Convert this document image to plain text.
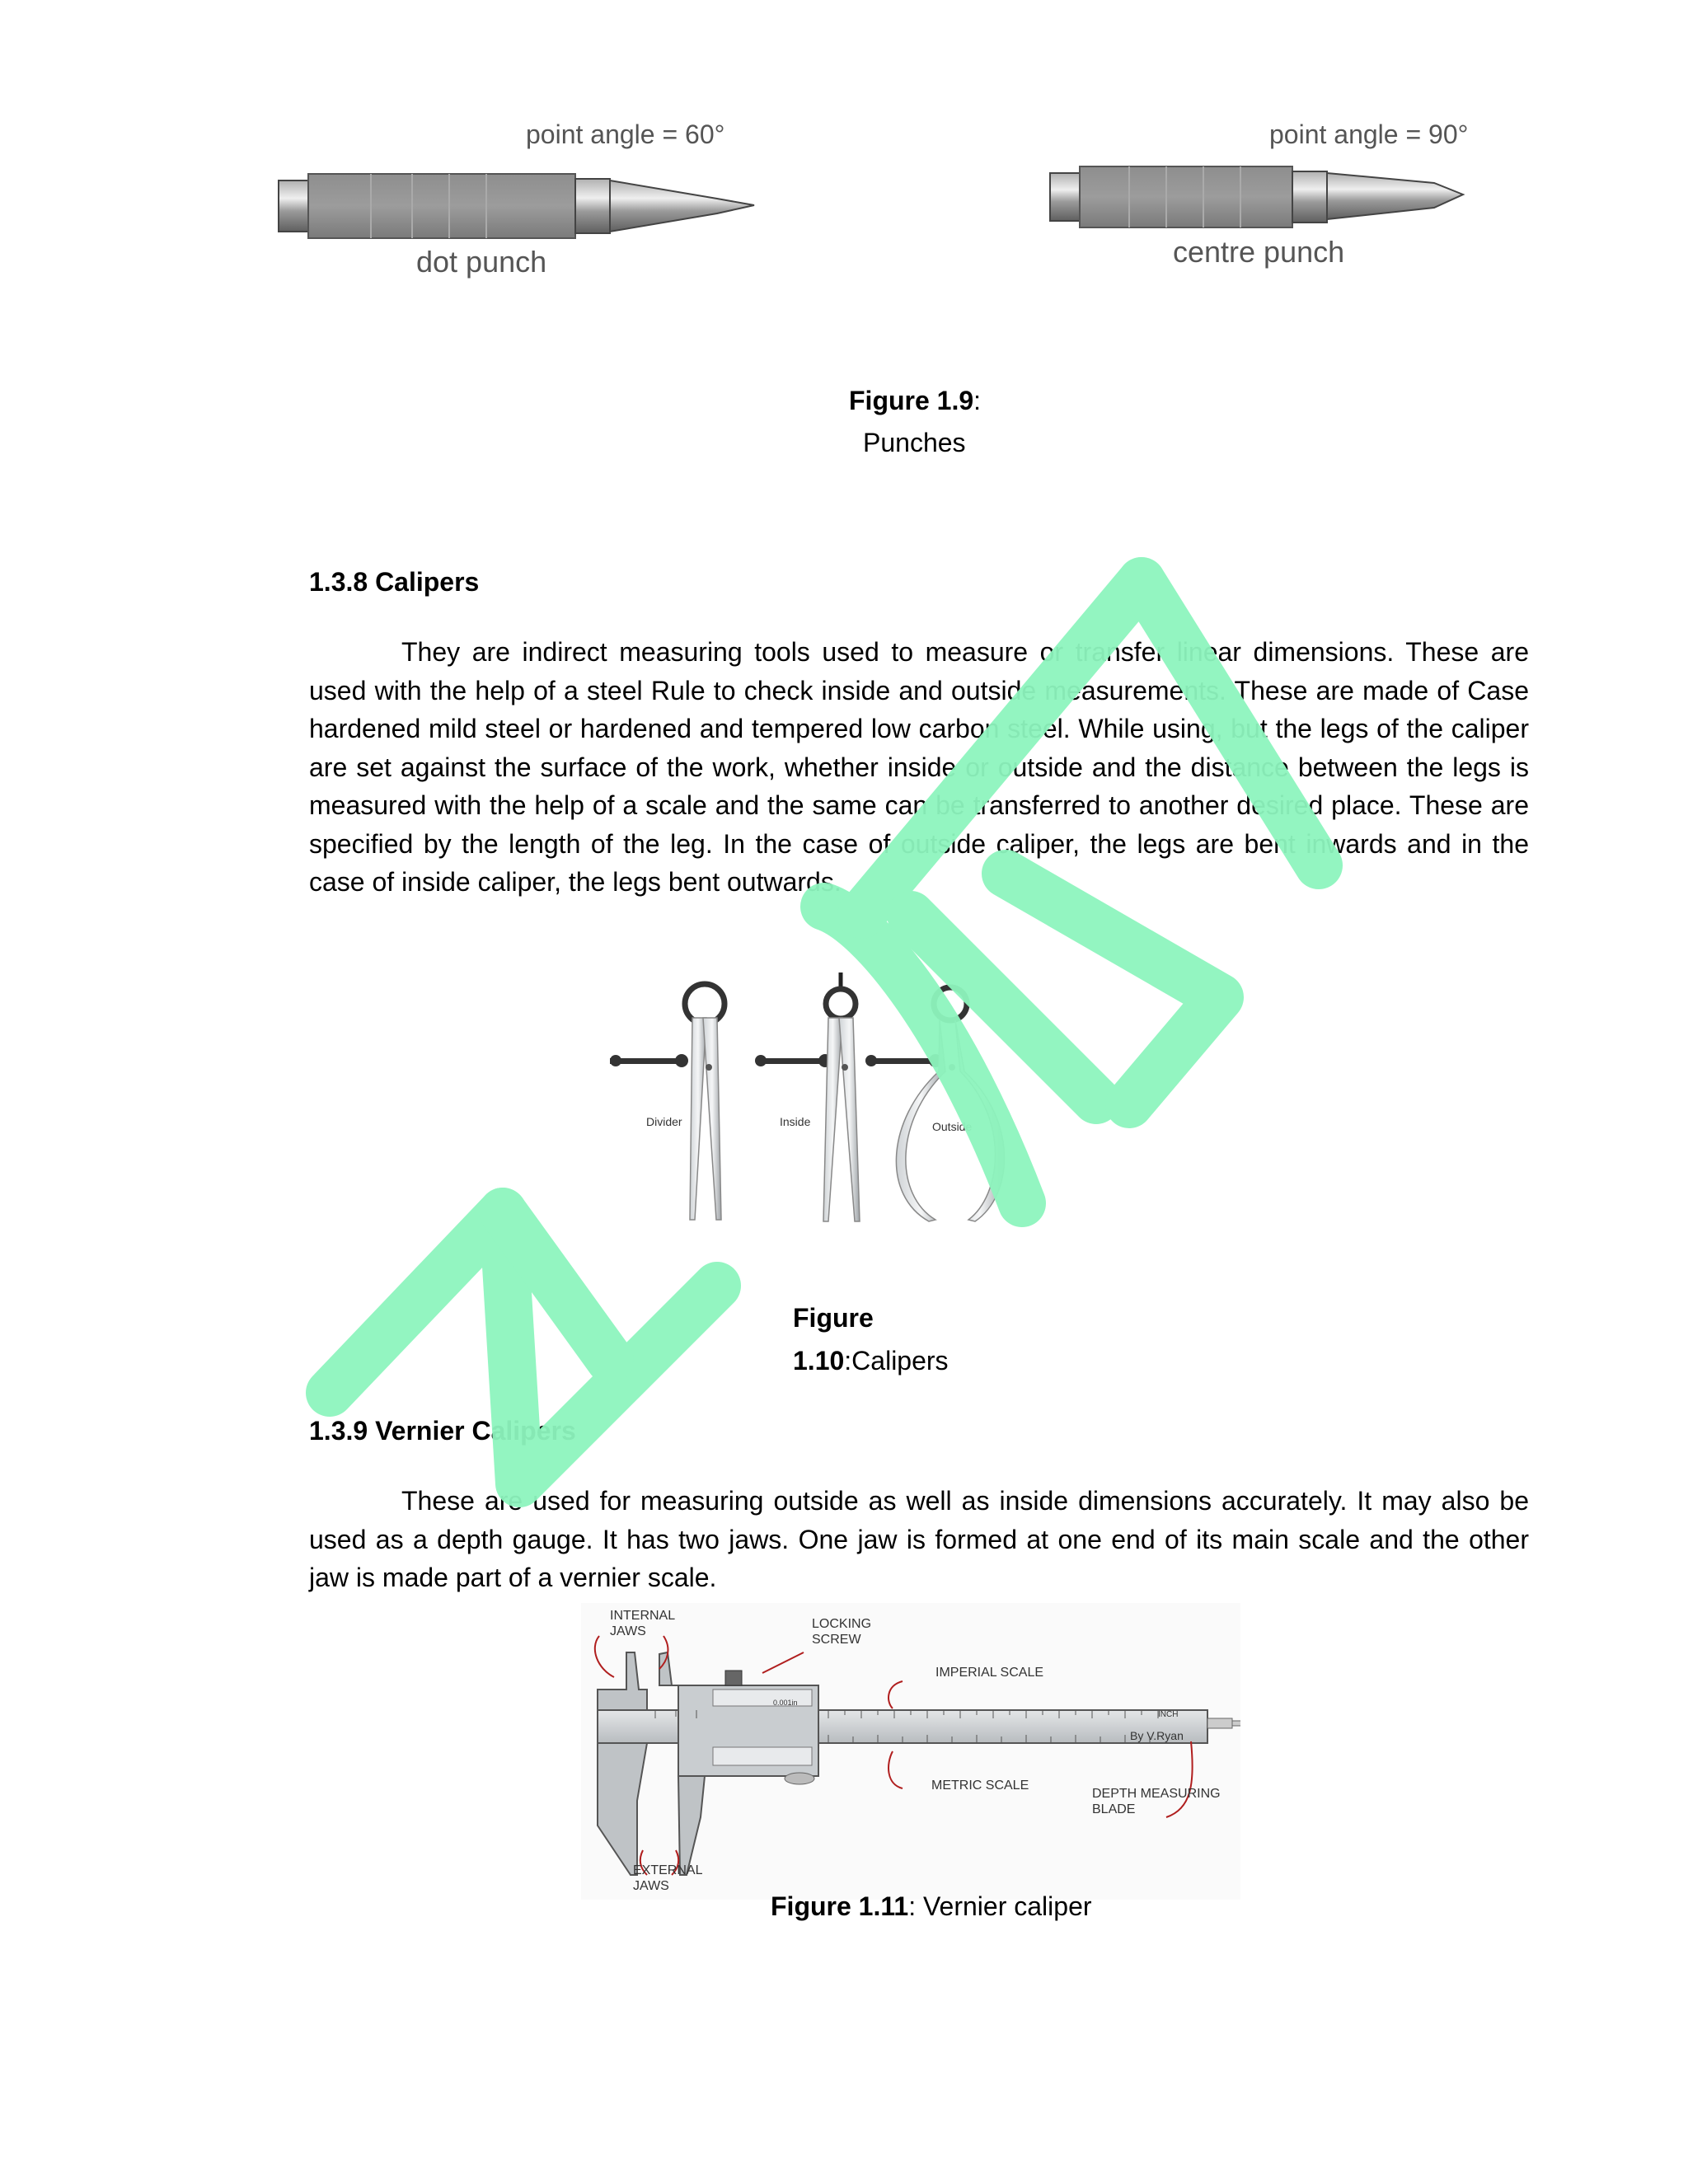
point angle = 60°
dot punch
point angle = 90°
centre punch
Figure 1.9:
Punches
1.3.8 Calipers
They are indirect measuring tools used to measure or transfer linear dimensions. These are used with the help of a steel Rule to check inside and outside measurements. These are made of Case hardened mild steel or hardened and tempered low carbon steel. While using, but the legs of the caliper are set against the surface of the work, whether inside or outside and the distance between the legs is measured with the help of a scale and the same can be transferred to another desired place. These are specified by the length of the leg. In the case of outside caliper, the legs are bent inwards and in the case of inside caliper, the legs bent outwards.
Divider	Inside	Outside
Figure
1.10:Calipers
1.3.9 Vernier Calipers
These are used for measuring outside as well as inside dimensions accurately. It may also be used as a depth gauge. It has two jaws. One jaw is formed at one end of its main scale and the other jaw is made part of a vernier scale.
INTERNAL
JAWS
LOCKING
SCREW
IMPERIAL SCALE
METRIC SCALE
DEPTH MEASURING
BLADE
EXTERNAL
JAWS
By V.Ryan
INCH
0.001in
Figure 1.11: Vernier caliper
